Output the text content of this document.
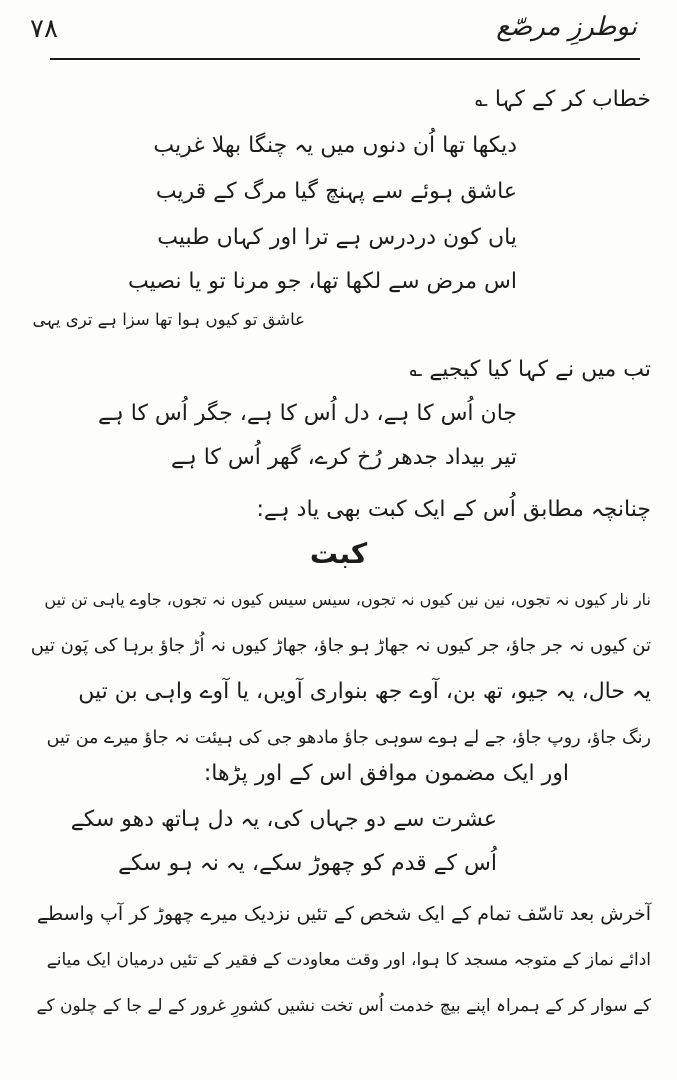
۷۸	نوطرزِ مرصّع
خطاب کر کے کہا ؎
دیکھا تھا اُن دنوں میں یہ چنگا بھلا غریب
عاشق ہوئے سے پہنچ گیا مرگ کے قریب
یاں کون دردرس ہے ترا اور کہاں طبیب
اس مرض سے لکھا تھا، جو مرنا تو یا نصیب
عاشق تو کیوں ہوا تھا سزا ہے تری یہی
تب میں نے کہا کیا کیجیے ؎
جان اُس کا ہے، دل اُس کا ہے، جگر اُس کا ہے
تیر بیداد جدھر رُخ کرے، گھر اُس کا ہے
چنانچہ مطابق اُس کے ایک کبت بھی یاد ہے:
کبت
نار نار کیوں نہ تجوں، نین نین کیوں نہ تجوں، سیس سیس کیوں نہ تجوں، جاوے یاہی تن تیں
تن کیوں نہ جر جاؤ، جر کیوں نہ جھاڑ ہو جاؤ، جھاڑ کیوں نہ اُڑ جاؤ برہا کی پَون تیں
یہ حال، یہ جیو، تھ بن، آوے جھ بنواری آویں، یا آوے واہی بن تیں
رنگ جاؤ، روپ جاؤ، جے لے ہوے سوہی جاؤ مادھو جی کی ہیئت نہ جاؤ میرے من تیں
اور ایک مضمون موافق اس کے اور پڑھا:
عشرت سے دو جہاں کی، یہ دل ہاتھ دھو سکے
اُس کے قدم کو چھوڑ سکے، یہ نہ ہو سکے
آخرش بعد تاسّف تمام کے ایک شخص کے تئیں نزدیک میرے چھوڑ کر آپ واسطے
ادائے نماز کے متوجہ مسجد کا ہوا، اور وقت معاودت کے فقیر کے تئیں درمیان ایک میانے
کے سوار کر کے ہمراہ اپنے بیچ خدمت اُس تخت نشیں کشورِ غرور کے لے جا کے چلون کے
